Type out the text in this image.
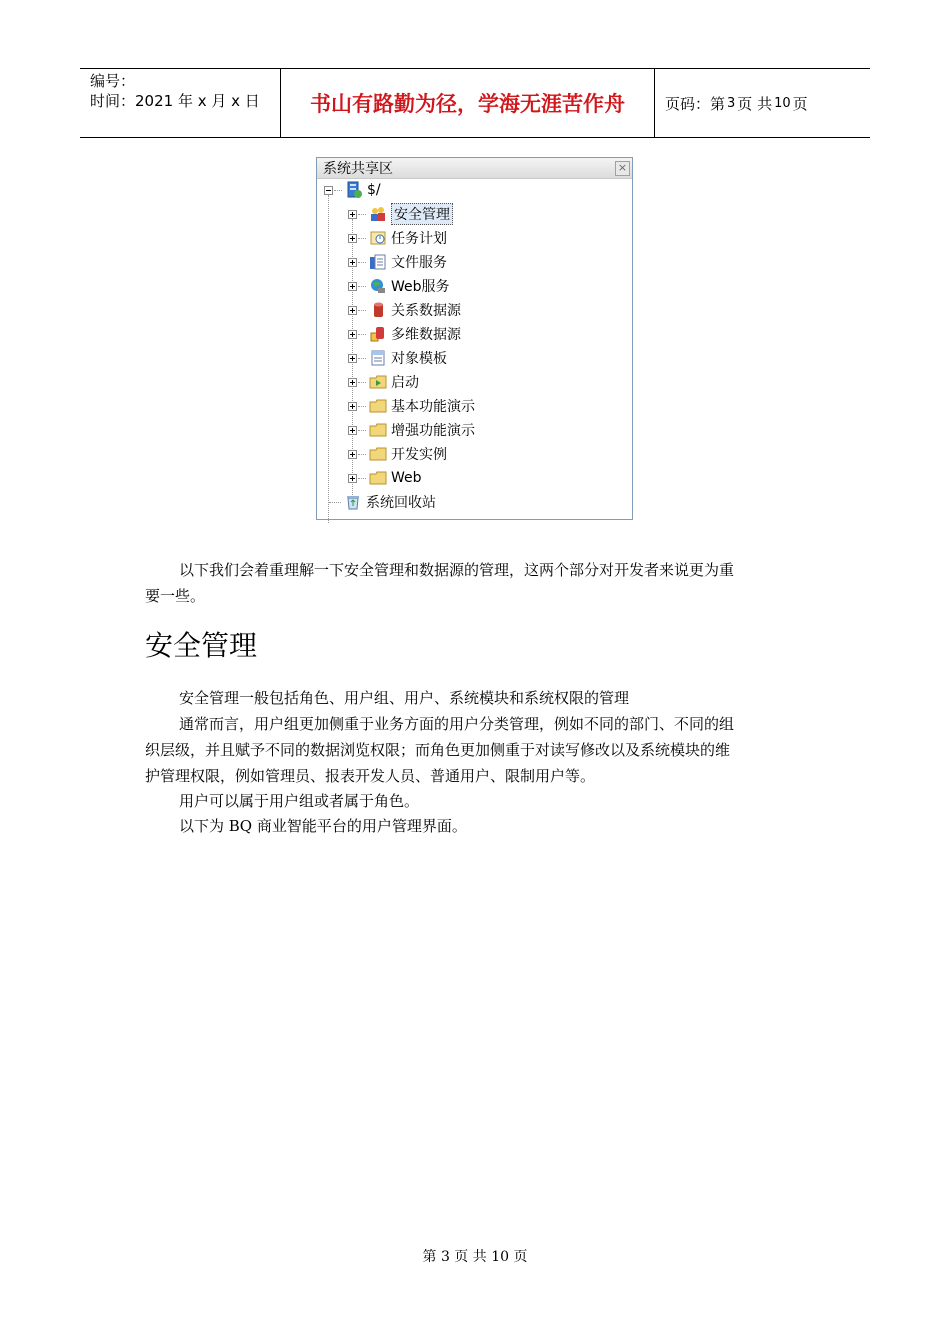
编号：
时间：2021 年 x 月 x 日	书山有路勤为径，学海无涯苦作舟	页码：第 3 页 共 10 页
系统共享区	×
$/
安全管理
任务计划
文件服务
Web服务
关系数据源
多维数据源
对象模板
启动
基本功能演示
增强功能演示
开发实例
Web
系统回收站
以下我们会着重理解一下安全管理和数据源的管理，这两个部分对开发者来说更为重
要一些。
安全管理
安全管理一般包括角色、用户组、用户、系统模块和系统权限的管理
通常而言，用户组更加侧重于业务方面的用户分类管理，例如不同的部门、不同的组
织层级，并且赋予不同的数据浏览权限；而角色更加侧重于对读写修改以及系统模块的维
护管理权限，例如管理员、报表开发人员、普通用户、限制用户等。
用户可以属于用户组或者属于角色。
以下为 BQ 商业智能平台的用户管理界面。
第 3 页 共 10 页
